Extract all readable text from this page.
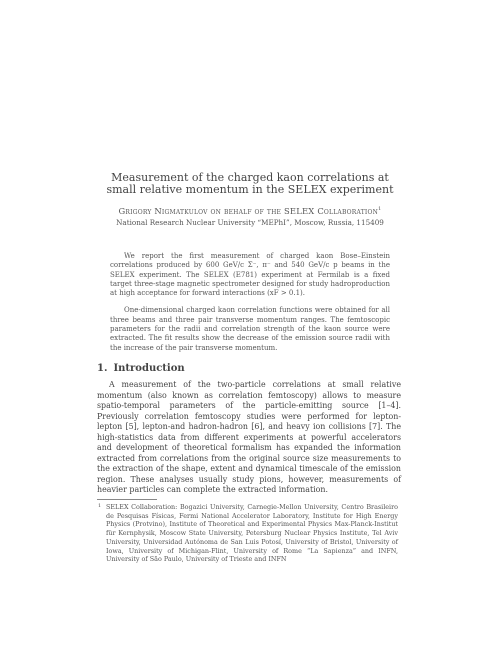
Measurement of the charged kaon correlations at small relative momentum in the SELEX experiment
Grigory Nigmatkulov on behalf of the SELEX Collaboration$^1$
National Research Nuclear University “MEPhI”, Moscow, Russia, 115409

We report the first measurement of charged kaon Bose–Einstein correlations produced by 600 GeV/c Σ⁻, π⁻ and 540 GeV/c p beams in the SELEX experiment. The SELEX (E781) experiment at Fermilab is a fixed target three-stage magnetic spectrometer designed for study hadroproduction at high acceptance for forward interactions (xF > 0.1).

One-dimensional charged kaon correlation functions were obtained for all three beams and three pair transverse momentum ranges. The femtoscopic parameters for the radii and correlation strength of the kaon source were extracted. The fit results show the decrease of the emission source radii with the increase of the pair transverse momentum.

1. Introduction
A measurement of the two-particle correlations at small relative momentum (also known as correlation femtoscopy) allows to measure spatio-temporal parameters of the particle-emitting source [1–4]. Previously correlation femtoscopy studies were performed for lepton-lepton [5], lepton-and hadron-hadron [6], and heavy ion collisions [7]. The high-statistics data from different experiments at powerful accelerators and development of theoretical formalism has expanded the information extracted from correlations from the original source size measurements to the extraction of the shape, extent and dynamical timescale of the emission region. These analyses usually study pions, however, measurements of heavier particles can complete the extracted information.
1 SELEX Collaboration: Bogazici University, Carnegie-Mellon University, Centro Brasileiro de Pesquisas Físicas, Fermi National Accelerator Laboratory, Institute for High Energy Physics (Protvino), Institute of Theoretical and Experimental Physics Max-Planck-Institut für Kernphysik, Moscow State University, Petersburg Nuclear Physics Institute, Tel Aviv University, Universidad Autónoma de San Luis Potosí, University of Bristol, University of Iowa, University of Michigan-Flint, University of Rome “La Sapienza” and INFN, University of São Paulo, University of Trieste and INFN
